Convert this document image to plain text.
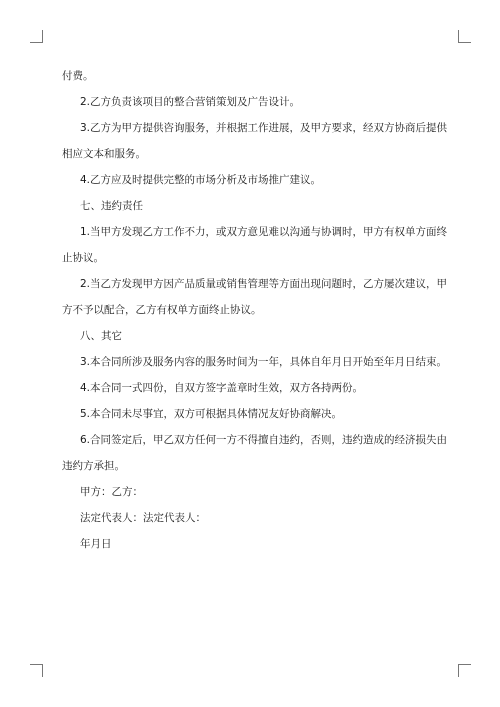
付费。

2.乙方负责该项目的整合营销策划及广告设计。

3.乙方为甲方提供咨询服务，并根据工作进展，及甲方要求，经双方协商后提供

相应文本和服务。

4.乙方应及时提供完整的市场分析及市场推广建议。

七、违约责任

1.当甲方发现乙方工作不力，或双方意见难以沟通与协调时，甲方有权单方面终

止协议。

2.当乙方发现甲方因产品质量或销售管理等方面出现问题时，乙方屡次建议，甲

方不予以配合，乙方有权单方面终止协议。

八、其它

3.本合同所涉及服务内容的服务时间为一年，具体自年月日开始至年月日结束。

4.本合同一式四份，自双方签字盖章时生效，双方各持两份。

5.本合同未尽事宜，双方可根据具体情况友好协商解决。

6.合同签定后，甲乙双方任何一方不得擅自违约，否则，违约造成的经济损失由

违约方承担。

甲方：乙方：

法定代表人：法定代表人：

年月日
